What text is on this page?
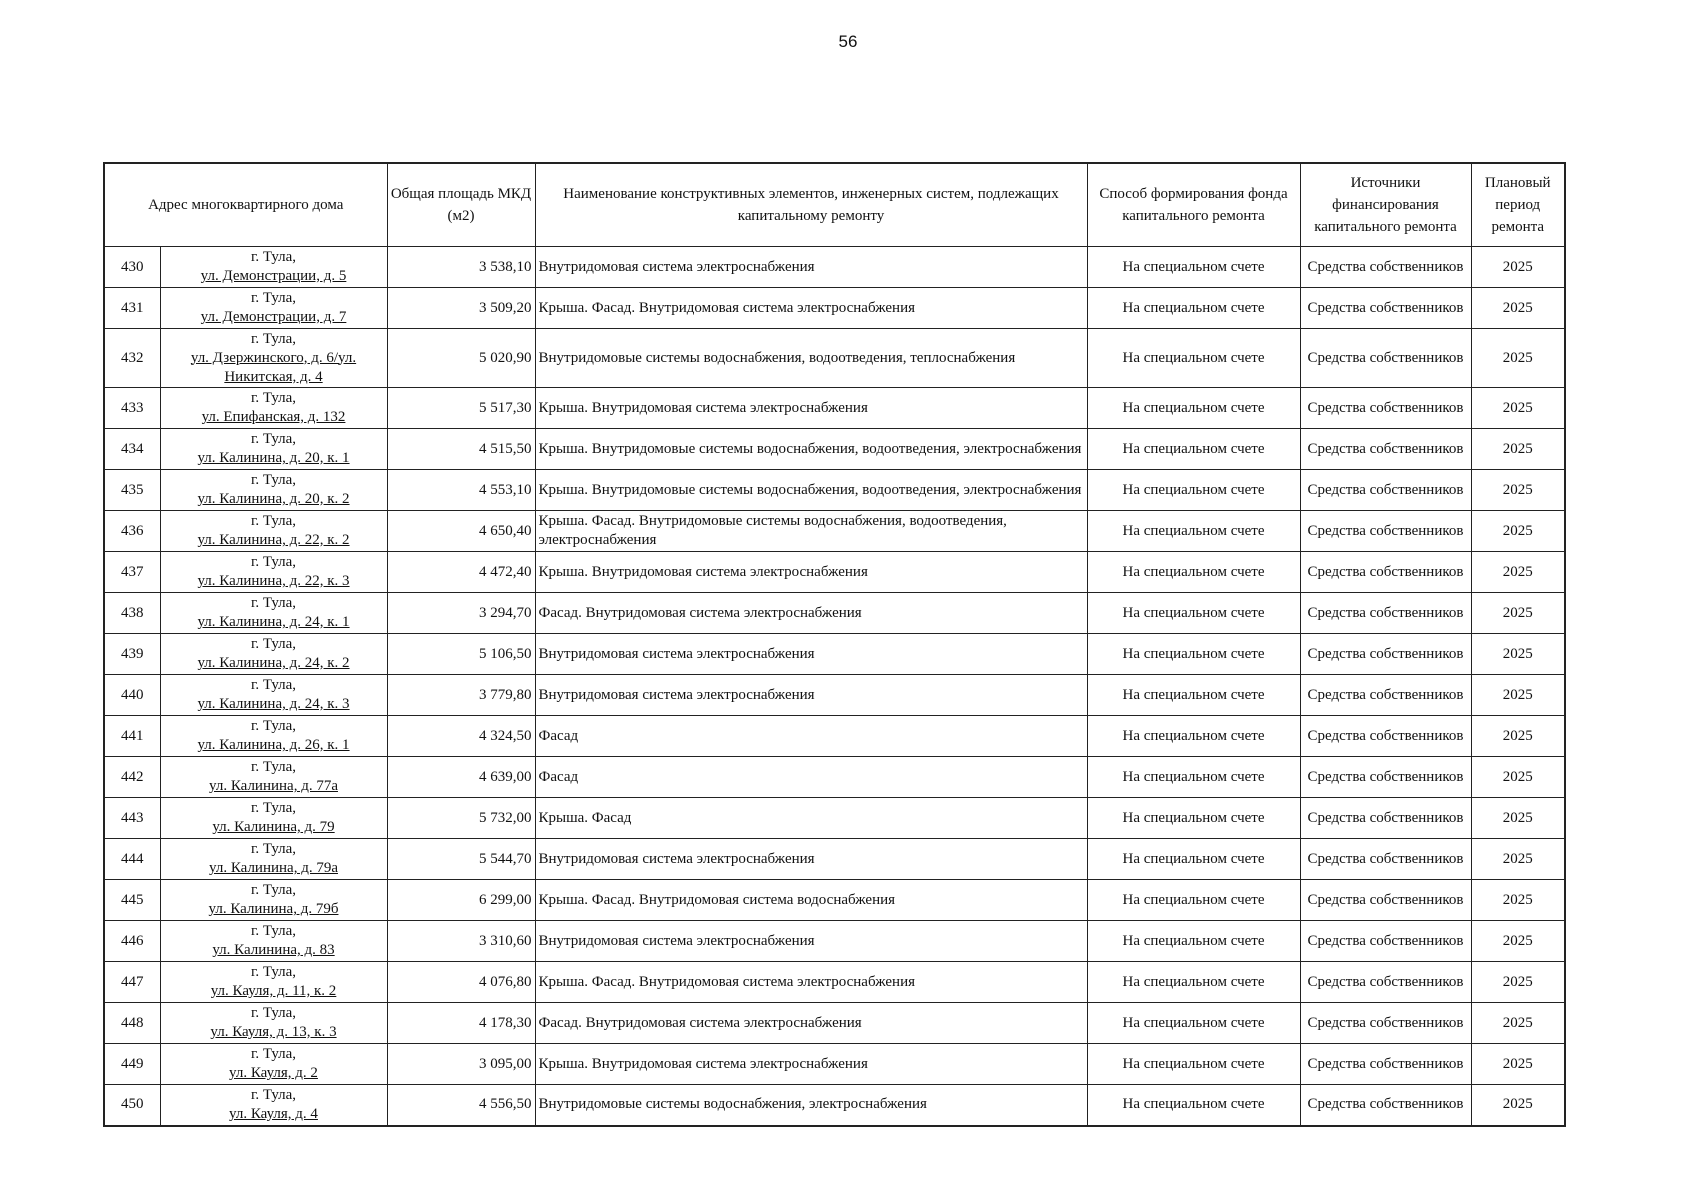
56
Адрес многоквартирного дома		Общая площадь МКД (м2)	Наименование конструктивных элементов, инженерных систем, подлежащих капитальному ремонту	Способ формирования фонда капитального ремонта	Источники финансирования капитального ремонта	Плановый период ремонта
430	г. Тула,
ул. Демонстрации, д. 5	3 538,10	Внутридомовая система электроснабжения	На специальном счете	Средства собственников	2025
431	г. Тула,
ул. Демонстрации, д. 7	3 509,20	Крыша. Фасад. Внутридомовая система электроснабжения	На специальном счете	Средства собственников	2025
432	г. Тула,
ул. Дзержинского, д. 6/ул. Никитская, д. 4	5 020,90	Внутридомовые системы водоснабжения, водоотведения, теплоснабжения	На специальном счете	Средства собственников	2025
433	г. Тула,
ул. Епифанская, д. 132	5 517,30	Крыша. Внутридомовая система электроснабжения	На специальном счете	Средства собственников	2025
434	г. Тула,
ул. Калинина, д. 20, к. 1	4 515,50	Крыша. Внутридомовые системы водоснабжения, водоотведения, электроснабжения	На специальном счете	Средства собственников	2025
435	г. Тула,
ул. Калинина, д. 20, к. 2	4 553,10	Крыша. Внутридомовые системы водоснабжения, водоотведения, электроснабжения	На специальном счете	Средства собственников	2025
436	г. Тула,
ул. Калинина, д. 22, к. 2	4 650,40	Крыша. Фасад. Внутридомовые системы водоснабжения, водоотведения, электроснабжения	На специальном счете	Средства собственников	2025
437	г. Тула,
ул. Калинина, д. 22, к. 3	4 472,40	Крыша. Внутридомовая система электроснабжения	На специальном счете	Средства собственников	2025
438	г. Тула,
ул. Калинина, д. 24, к. 1	3 294,70	Фасад. Внутридомовая система электроснабжения	На специальном счете	Средства собственников	2025
439	г. Тула,
ул. Калинина, д. 24, к. 2	5 106,50	Внутридомовая система электроснабжения	На специальном счете	Средства собственников	2025
440	г. Тула,
ул. Калинина, д. 24, к. 3	3 779,80	Внутридомовая система электроснабжения	На специальном счете	Средства собственников	2025
441	г. Тула,
ул. Калинина, д. 26, к. 1	4 324,50	Фасад	На специальном счете	Средства собственников	2025
442	г. Тула,
ул. Калинина, д. 77а	4 639,00	Фасад	На специальном счете	Средства собственников	2025
443	г. Тула,
ул. Калинина, д. 79	5 732,00	Крыша. Фасад	На специальном счете	Средства собственников	2025
444	г. Тула,
ул. Калинина, д. 79а	5 544,70	Внутридомовая система электроснабжения	На специальном счете	Средства собственников	2025
445	г. Тула,
ул. Калинина, д. 79б	6 299,00	Крыша. Фасад. Внутридомовая система водоснабжения	На специальном счете	Средства собственников	2025
446	г. Тула,
ул. Калинина, д. 83	3 310,60	Внутридомовая система электроснабжения	На специальном счете	Средства собственников	2025
447	г. Тула,
ул. Кауля, д. 11, к. 2	4 076,80	Крыша. Фасад. Внутридомовая система электроснабжения	На специальном счете	Средства собственников	2025
448	г. Тула,
ул. Кауля, д. 13, к. 3	4 178,30	Фасад. Внутридомовая система электроснабжения	На специальном счете	Средства собственников	2025
449	г. Тула,
ул. Кауля, д. 2	3 095,00	Крыша. Внутридомовая система электроснабжения	На специальном счете	Средства собственников	2025
450	г. Тула,
ул. Кауля, д. 4	4 556,50	Внутридомовые системы водоснабжения, электроснабжения	На специальном счете	Средства собственников	2025
